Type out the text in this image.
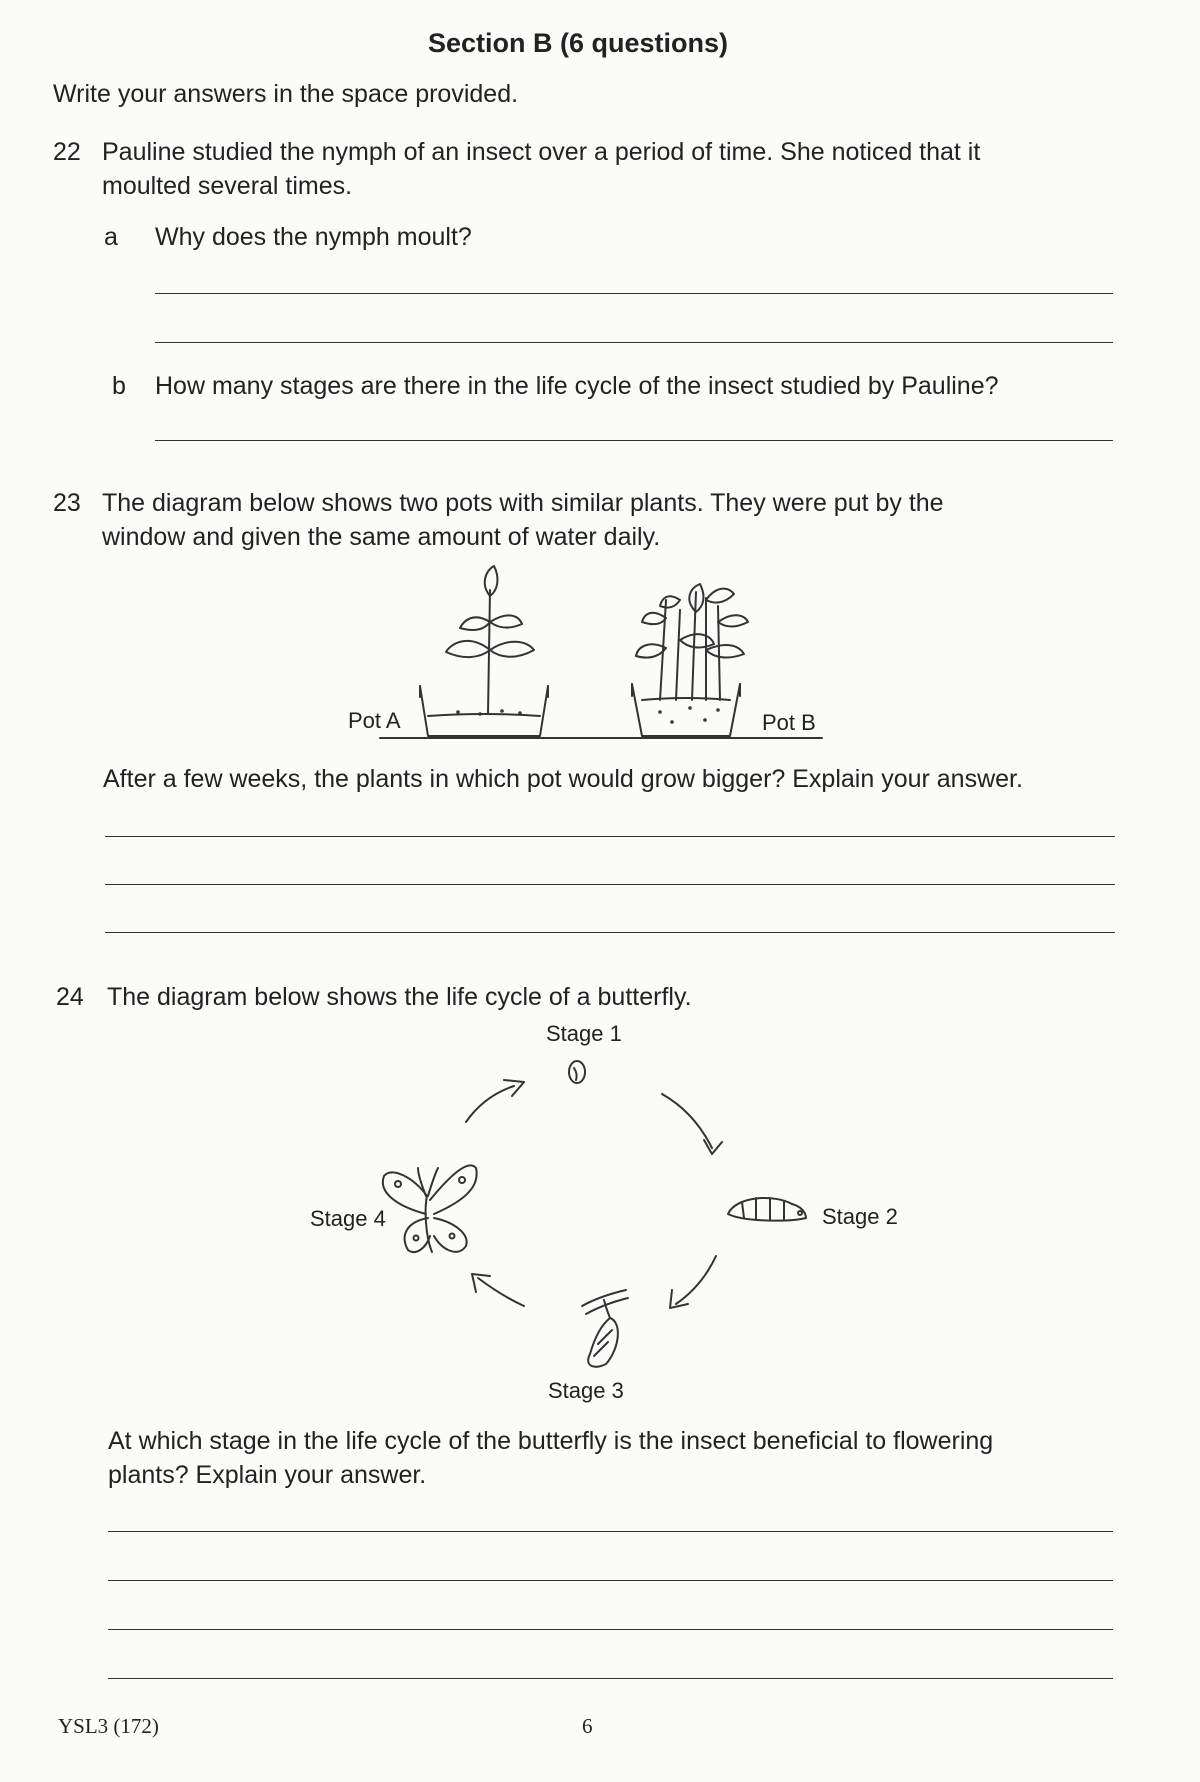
Section B (6 questions)
Write your answers in the space provided.
22 Pauline studied the nymph of an insect over a period of time. She noticed that it
moulted several times.
a Why does the nymph moult?
b How many stages are there in the life cycle of the insect studied by Pauline?
23 The diagram below shows two pots with similar plants. They were put by the
window and given the same amount of water daily.
Pot A	Pot B
After a few weeks, the plants in which pot would grow bigger? Explain your answer.
24 The diagram below shows the life cycle of a butterfly.
Stage 1
Stage 2
Stage 3
Stage 4
At which stage in the life cycle of the butterfly is the insect beneficial to flowering
plants? Explain your answer.
YSL3 (172)	6
